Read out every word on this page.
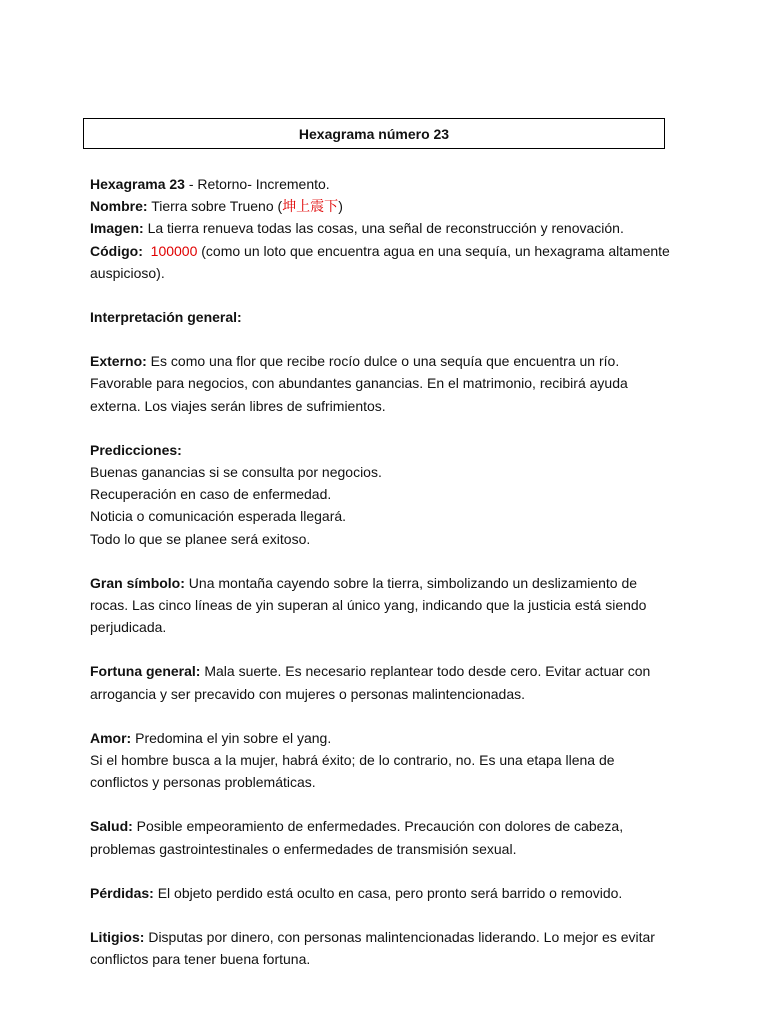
Hexagrama número 23

Hexagrama 23 - Retorno- Incremento.

Nombre: Tierra sobre Trueno (坤上震下)

Imagen: La tierra renueva todas las cosas, una señal de reconstrucción y renovación.

Código: 100000 (como un loto que encuentra agua en una sequía, un hexagrama altamente auspicioso).

Interpretación general:

Externo: Es como una flor que recibe rocío dulce o una sequía que encuentra un río. Favorable para negocios, con abundantes ganancias. En el matrimonio, recibirá ayuda externa. Los viajes serán libres de sufrimientos.

Predicciones:

Buenas ganancias si se consulta por negocios.

Recuperación en caso de enfermedad.

Noticia o comunicación esperada llegará.

Todo lo que se planee será exitoso.

Gran símbolo: Una montaña cayendo sobre la tierra, simbolizando un deslizamiento de rocas. Las cinco líneas de yin superan al único yang, indicando que la justicia está siendo perjudicada.

Fortuna general: Mala suerte. Es necesario replantear todo desde cero. Evitar actuar con arrogancia y ser precavido con mujeres o personas malintencionadas.

Amor: Predomina el yin sobre el yang.

Si el hombre busca a la mujer, habrá éxito; de lo contrario, no. Es una etapa llena de conflictos y personas problemáticas.

Salud: Posible empeoramiento de enfermedades. Precaución con dolores de cabeza, problemas gastrointestinales o enfermedades de transmisión sexual.

Pérdidas: El objeto perdido está oculto en casa, pero pronto será barrido o removido.

Litigios: Disputas por dinero, con personas malintencionadas liderando. Lo mejor es evitar conflictos para tener buena fortuna.
